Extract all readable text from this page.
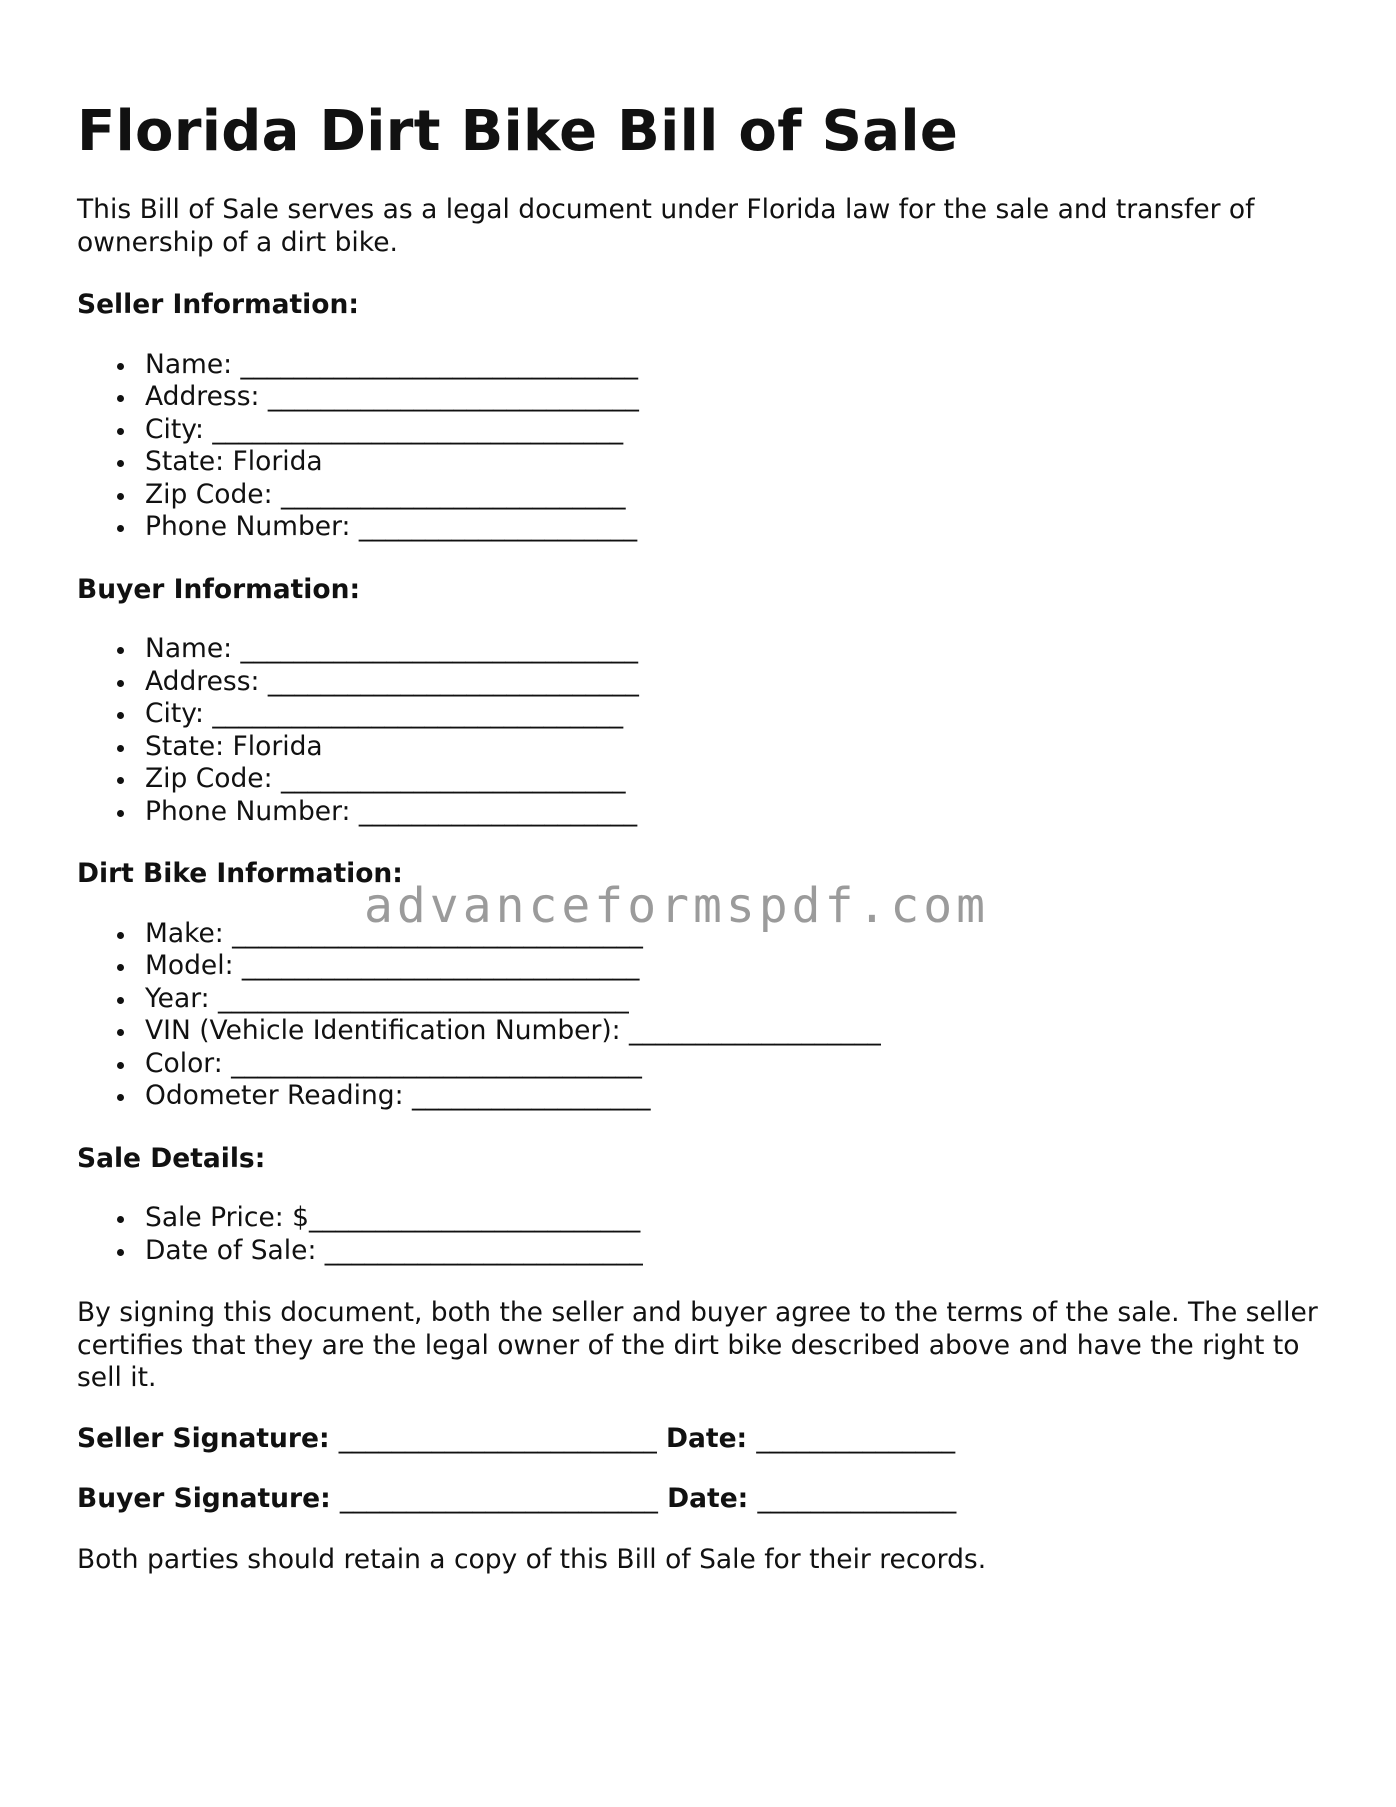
Florida Dirt Bike Bill of Sale

This Bill of Sale serves as a legal document under Florida law for the sale and transfer of ownership of a dirt bike.

Seller Information:
Name: ______________________________
Address: ____________________________
City: _______________________________
State: Florida
Zip Code: __________________________
Phone Number: _____________________
Buyer Information:
Name: ______________________________
Address: ____________________________
City: _______________________________
State: Florida
Zip Code: __________________________
Phone Number: _____________________
Dirt Bike Information:
Make: _______________________________
Model: ______________________________
Year: _______________________________
VIN (Vehicle Identification Number): ___________________
Color: _______________________________
Odometer Reading: __________________
Sale Details:
Sale Price: $_________________________
Date of Sale: ________________________

By signing this document, both the seller and buyer agree to the terms of the sale. The seller certifies that they are the legal owner of the dirt bike described above and have the right to sell it.

Seller Signature: ________________________ Date: _______________
Buyer Signature: ________________________ Date: _______________

Both parties should retain a copy of this Bill of Sale for their records.

advanceformspdf.com
